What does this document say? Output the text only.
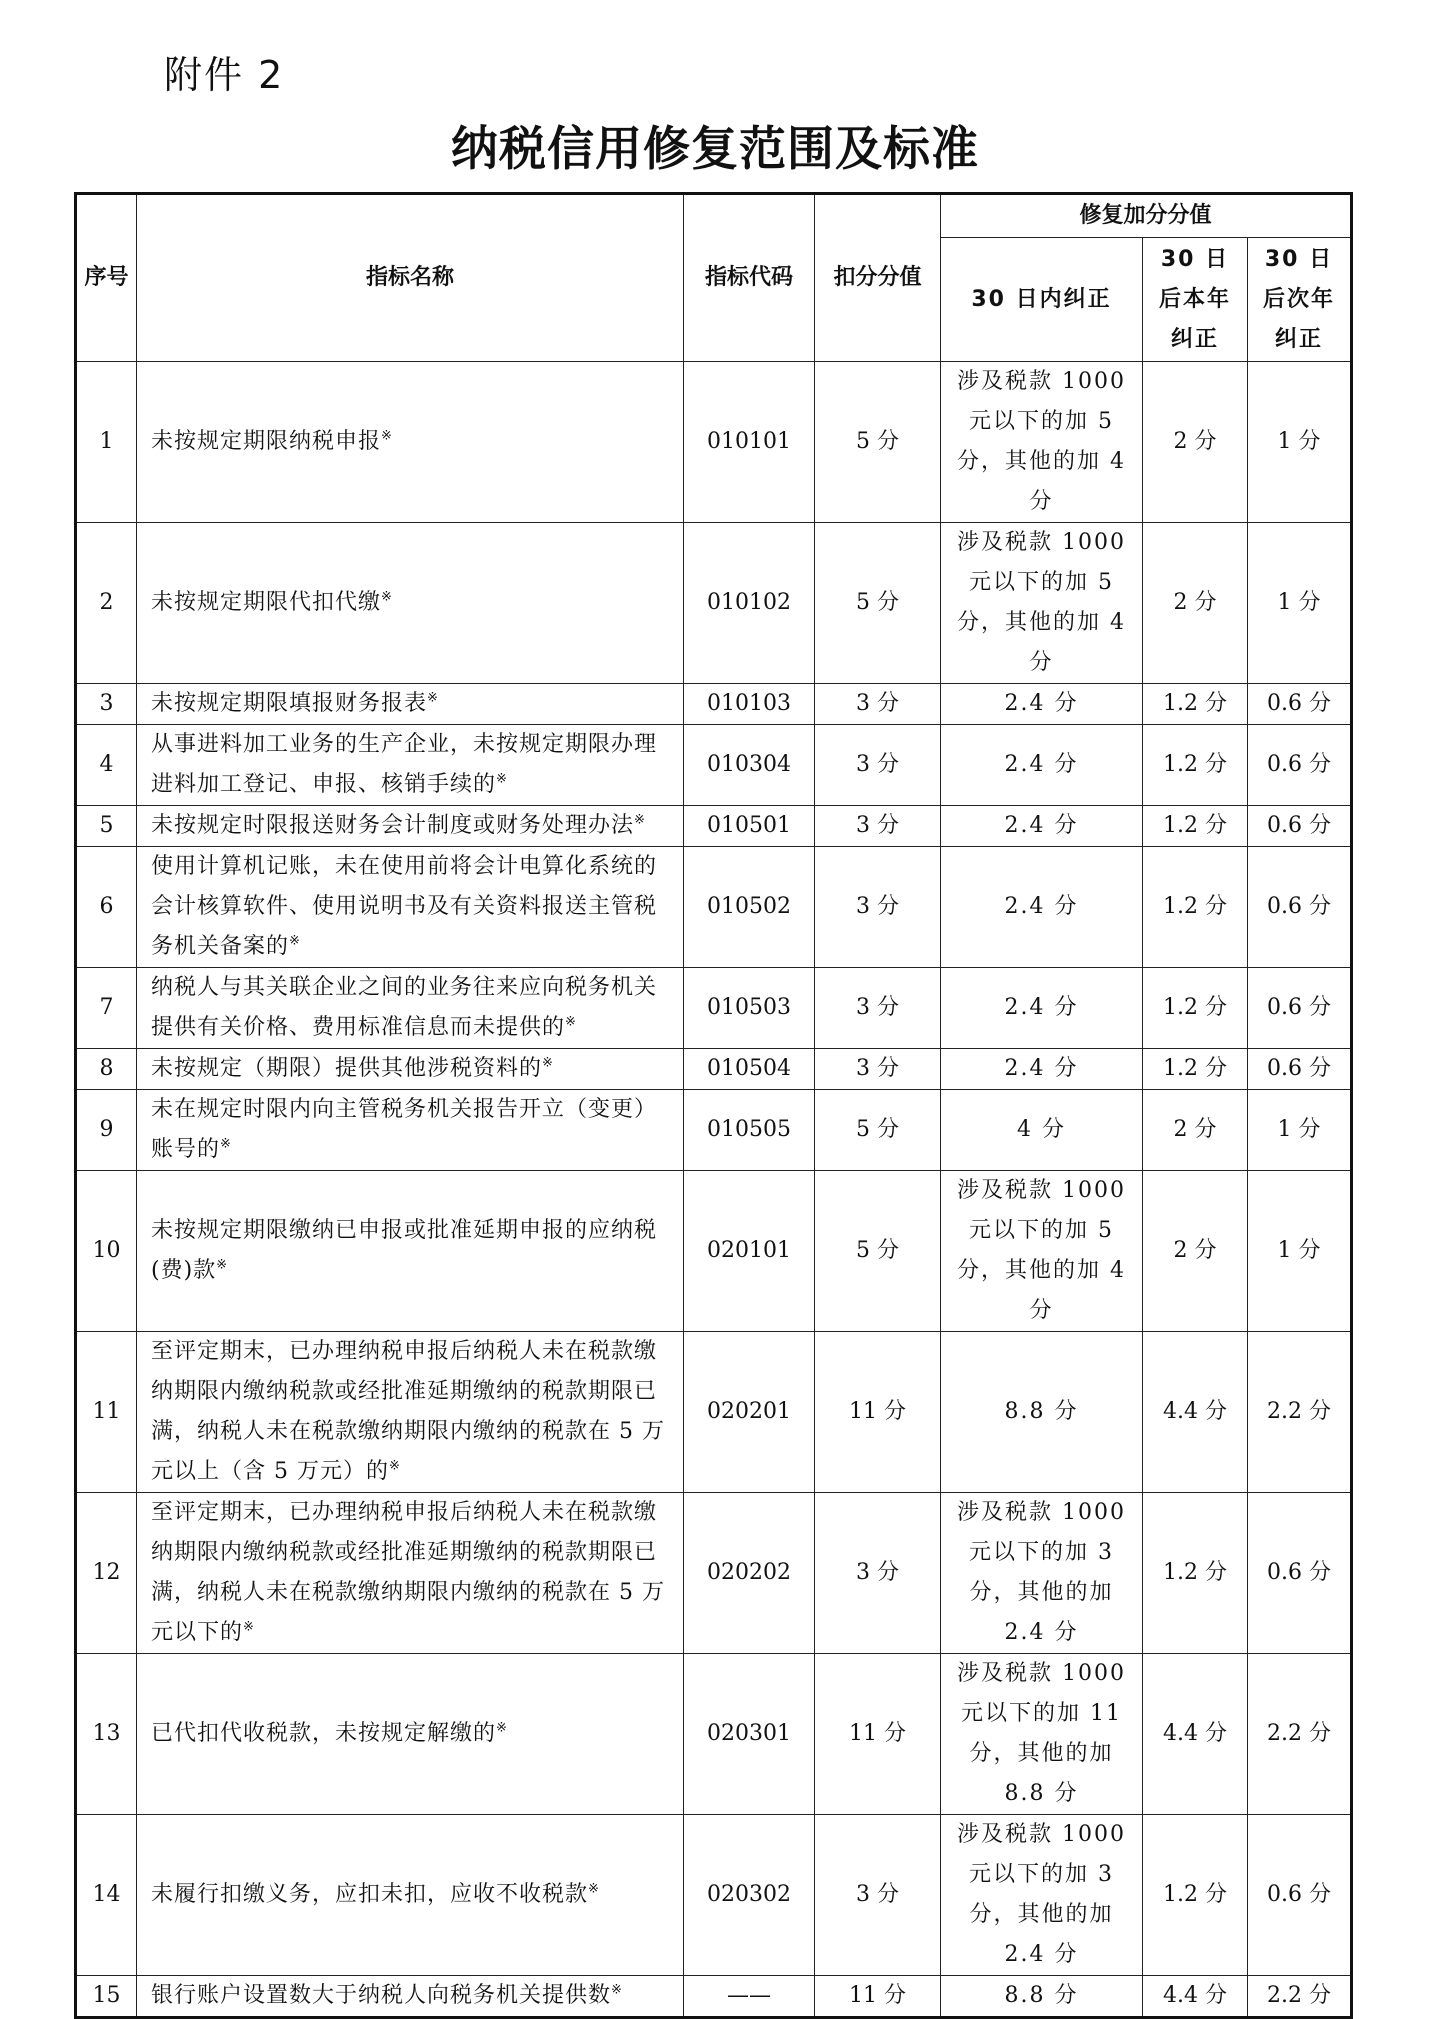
附件 2
纳税信用修复范围及标准
序号	指标名称	指标代码	扣分分值	修复加分分值		
				30 日内纠正	30 日后本年纠正	30 日后次年纠正
1	未按规定期限纳税申报※	010101	5 分	涉及税款 1000 元以下的加 5 分，其他的加 4 分	2 分	1 分
2	未按规定期限代扣代缴※	010102	5 分	涉及税款 1000 元以下的加 5 分，其他的加 4 分	2 分	1 分
3	未按规定期限填报财务报表※	010103	3 分	2.4 分	1.2 分	0.6 分
4	从事进料加工业务的生产企业，未按规定期限办理进料加工登记、申报、核销手续的※	010304	3 分	2.4 分	1.2 分	0.6 分
5	未按规定时限报送财务会计制度或财务处理办法※	010501	3 分	2.4 分	1.2 分	0.6 分
6	使用计算机记账，未在使用前将会计电算化系统的会计核算软件、使用说明书及有关资料报送主管税务机关备案的※	010502	3 分	2.4 分	1.2 分	0.6 分
7	纳税人与其关联企业之间的业务往来应向税务机关提供有关价格、费用标准信息而未提供的※	010503	3 分	2.4 分	1.2 分	0.6 分
8	未按规定（期限）提供其他涉税资料的※	010504	3 分	2.4 分	1.2 分	0.6 分
9	未在规定时限内向主管税务机关报告开立（变更）账号的※	010505	5 分	4 分	2 分	1 分
10	未按规定期限缴纳已申报或批准延期申报的应纳税(费)款※	020101	5 分	涉及税款 1000 元以下的加 5 分，其他的加 4 分	2 分	1 分
11	至评定期末，已办理纳税申报后纳税人未在税款缴纳期限内缴纳税款或经批准延期缴纳的税款期限已满，纳税人未在税款缴纳期限内缴纳的税款在 5 万元以上（含 5 万元）的※	020201	11 分	8.8 分	4.4 分	2.2 分
12	至评定期末，已办理纳税申报后纳税人未在税款缴纳期限内缴纳税款或经批准延期缴纳的税款期限已满，纳税人未在税款缴纳期限内缴纳的税款在 5 万元以下的※	020202	3 分	涉及税款 1000 元以下的加 3 分，其他的加 2.4 分	1.2 分	0.6 分
13	已代扣代收税款，未按规定解缴的※	020301	11 分	涉及税款 1000 元以下的加 11 分，其他的加 8.8 分	4.4 分	2.2 分
14	未履行扣缴义务，应扣未扣，应收不收税款※	020302	3 分	涉及税款 1000 元以下的加 3 分，其他的加 2.4 分	1.2 分	0.6 分
15	银行账户设置数大于纳税人向税务机关提供数※	——	11 分	8.8 分	4.4 分	2.2 分
